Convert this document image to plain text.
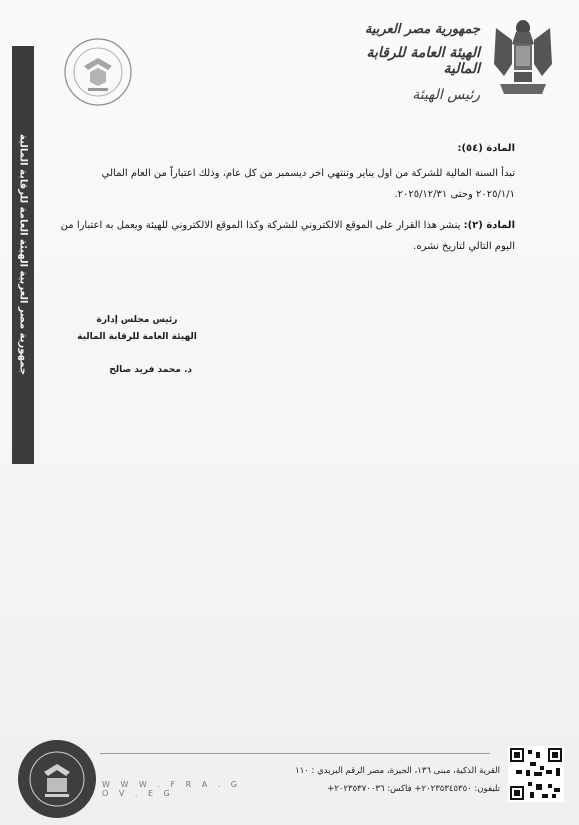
جمهورية مصر العربية الهيئة العامة للرقابة المالية
جمهورية مصر العربية
الهيئة العامة للرقابة المالية
رئيس الهيئة
المادة (٥٤):

تبدأ السنة المالية للشركة من اول يناير وتنتهي اخر ديسمبر من كل عام، وذلك اعتباراً من العام المالي ٢٠٢٥/١/١ وحتى ٢٠٢٥/١٢/٣١.

المادة (٢): ينشر هذا القرار على الموقع الالكتروني للشركة وكذا الموقع الالكتروني للهيئة ويعمل به اعتبارا من اليوم التالي لتاريخ نشره.

رئيس مجلس إدارة
الهيئة العامة للرقابة المالية
د. محمد فريد صالح
W W W . F R A . G O V . E G
القرية الذكية، مبنى ١٣٦، الجيزة، مصر الرقم البريدي : ١١٠
تليفون: ٢٠٢٣٥٣٤٥٣٥٠+ فاكس: ٢٠٢٣٥٣٧٠٠٣٦+
